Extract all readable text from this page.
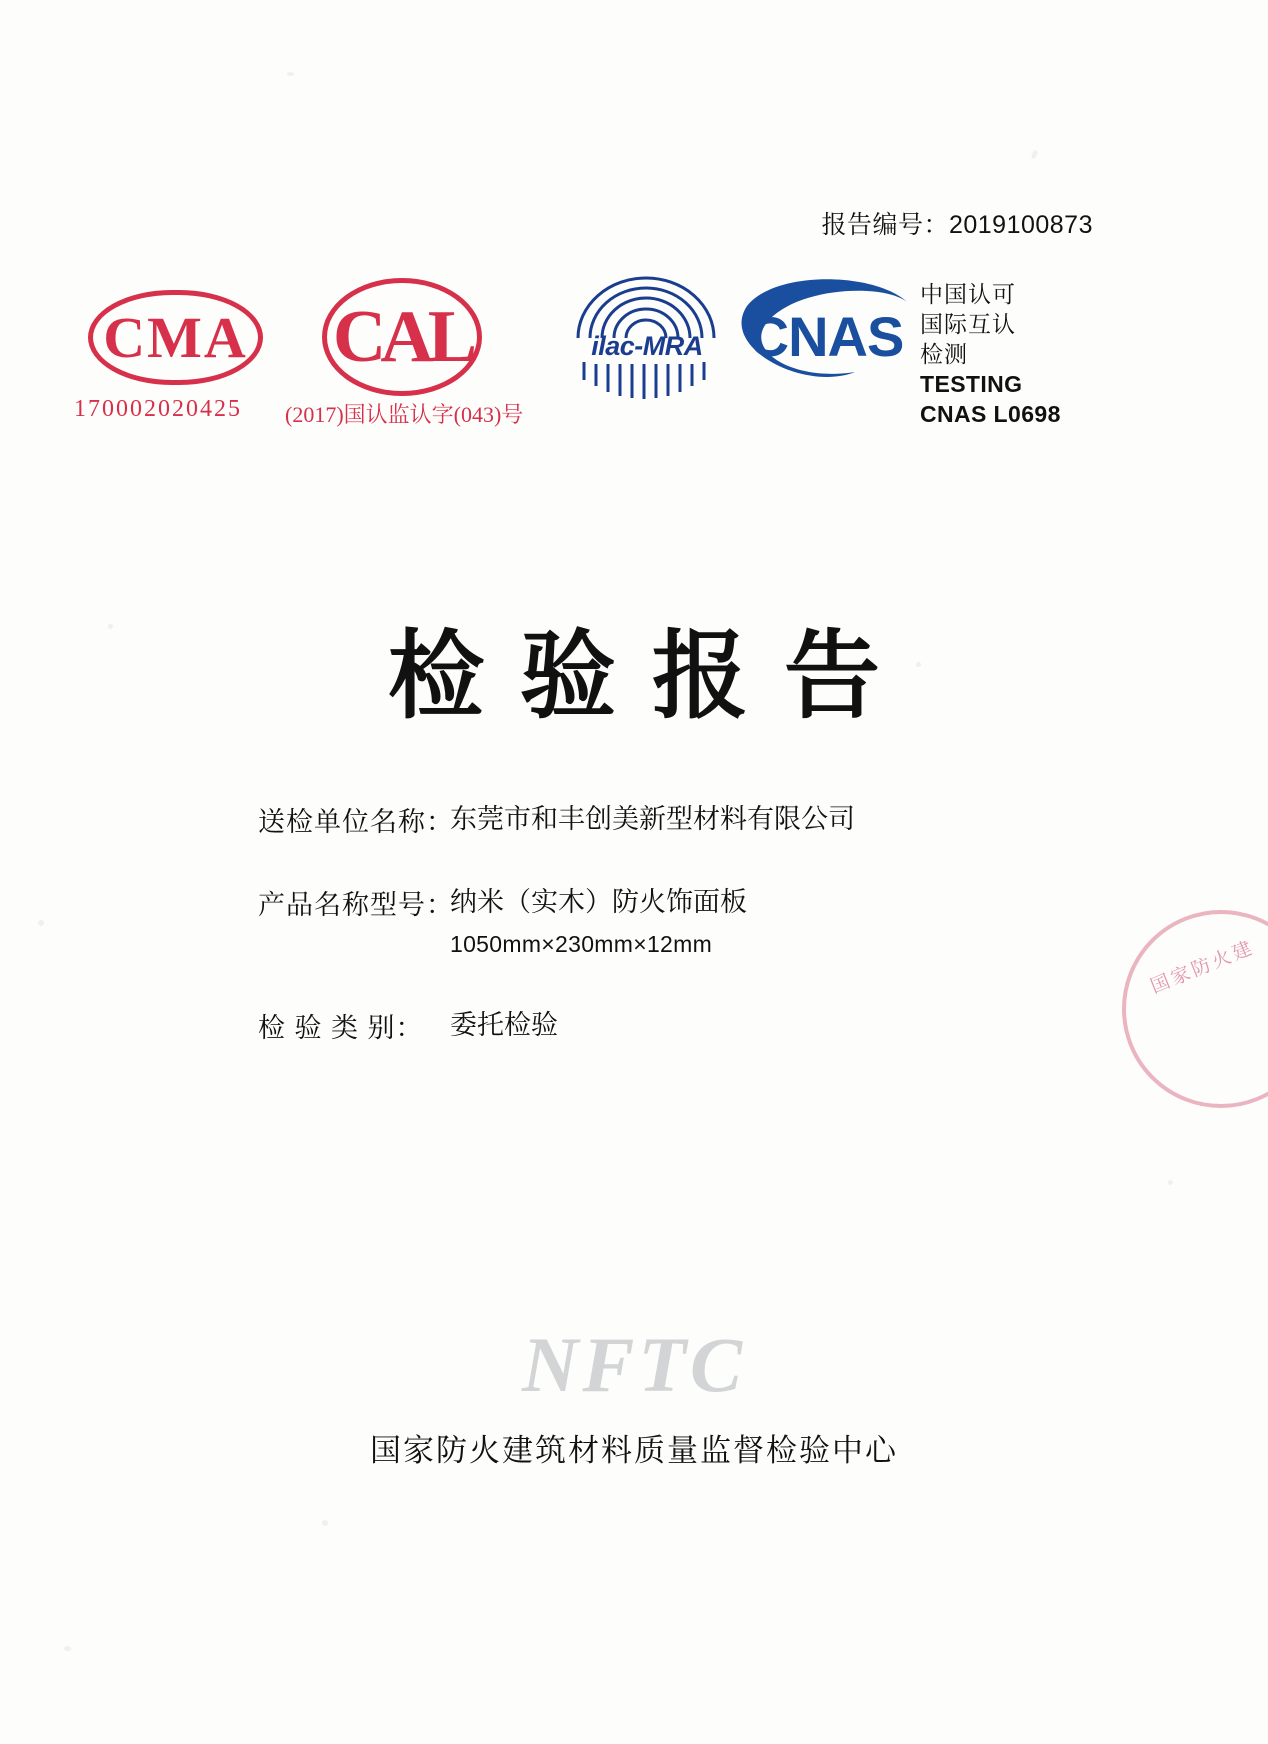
报告编号：2019100873
CMA
170002020425
CAL
(2017)国认监认字(043)号
ilac-MRA CNAS
中国认可
国际互认
检测
TESTING
CNAS L0698
检验报告
送检单位名称：
东莞市和丰创美新型材料有限公司
产品名称型号：
纳米（实木）防火饰面板
1050mm×230mm×12mm
检 验 类 别： 委托检验
国家防火建
NFTC
国家防火建筑材料质量监督检验中心
